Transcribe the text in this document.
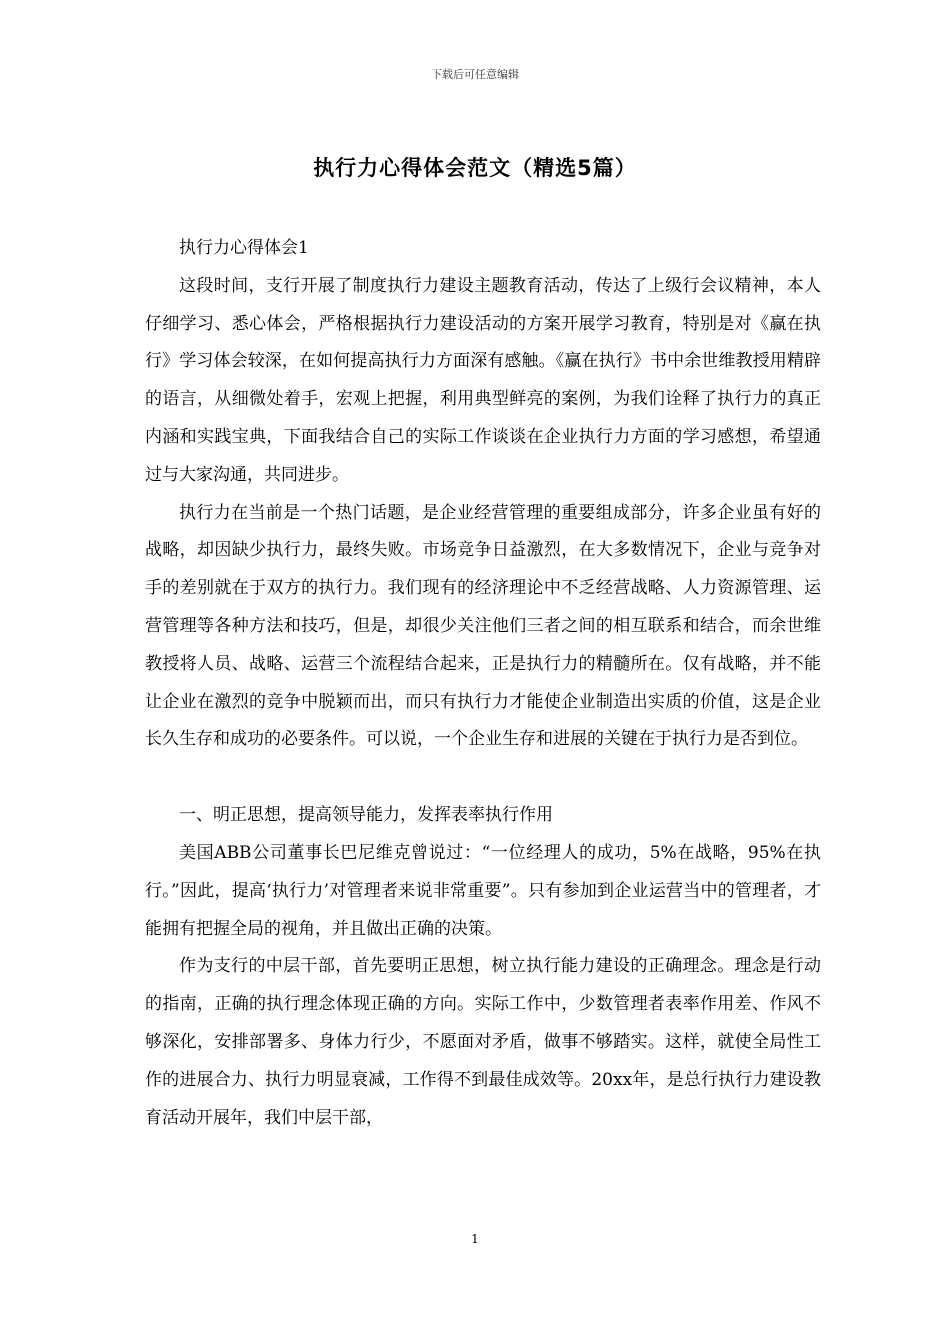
下载后可任意编辑
执行力心得体会范文（精选5篇）

执行力心得体会1

这段时间，支行开展了制度执行力建设主题教育活动，传达了上级行会议精神，本人仔细学习、悉心体会，严格根据执行力建设活动的方案开展学习教育，特别是对《赢在执行》学习体会较深，在如何提高执行力方面深有感触。《赢在执行》书中余世维教授用精辟的语言，从细微处着手，宏观上把握，利用典型鲜亮的案例，为我们诠释了执行力的真正内涵和实践宝典，下面我结合自己的实际工作谈谈在企业执行力方面的学习感想，希望通过与大家沟通，共同进步。

执行力在当前是一个热门话题，是企业经营管理的重要组成部分，许多企业虽有好的战略，却因缺少执行力，最终失败。市场竞争日益激烈，在大多数情况下，企业与竞争对手的差别就在于双方的执行力。我们现有的经济理论中不乏经营战略、人力资源管理、运营管理等各种方法和技巧，但是，却很少关注他们三者之间的相互联系和结合，而余世维教授将人员、战略、运营三个流程结合起来，正是执行力的精髓所在。仅有战略，并不能让企业在激烈的竞争中脱颖而出，而只有执行力才能使企业制造出实质的价值，这是企业长久生存和成功的必要条件。可以说，一个企业生存和进展的关键在于执行力是否到位。

一、明正思想，提高领导能力，发挥表率执行作用

美国ABB公司董事长巴尼维克曾说过：“一位经理人的成功，5%在战略，95%在执行。”因此，提高‘执行力’对管理者来说非常重要”。只有参加到企业运营当中的管理者，才能拥有把握全局的视角，并且做出正确的决策。

作为支行的中层干部，首先要明正思想，树立执行能力建设的正确理念。理念是行动的指南，正确的执行理念体现正确的方向。实际工作中，少数管理者表率作用差、作风不够深化，安排部署多、身体力行少，不愿面对矛盾，做事不够踏实。这样，就使全局性工作的进展合力、执行力明显衰减，工作得不到最佳成效等。20xx年，是总行执行力建设教育活动开展年，我们中层干部，

1
